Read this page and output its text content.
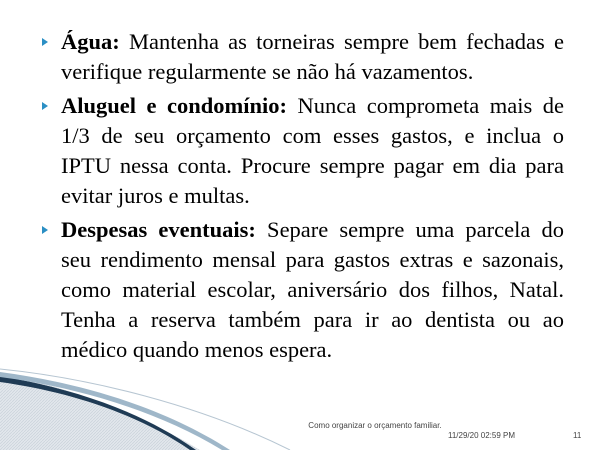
Água: Mantenha as torneiras sempre bem fechadas e verifique regularmente se não há vazamentos.
Aluguel e condomínio: Nunca comprometa mais de 1/3 de seu orçamento com esses gastos, e inclua o IPTU nessa conta. Procure sempre pagar em dia para evitar juros e multas.
Despesas eventuais: Separe sempre uma parcela do seu rendimento mensal para gastos extras e sazonais, como material escolar, aniversário dos filhos, Natal. Tenha a reserva também para ir ao dentista ou ao médico quando menos espera.
Como organizar o orçamento familiar.
11/29/20 02:59 PM	11
